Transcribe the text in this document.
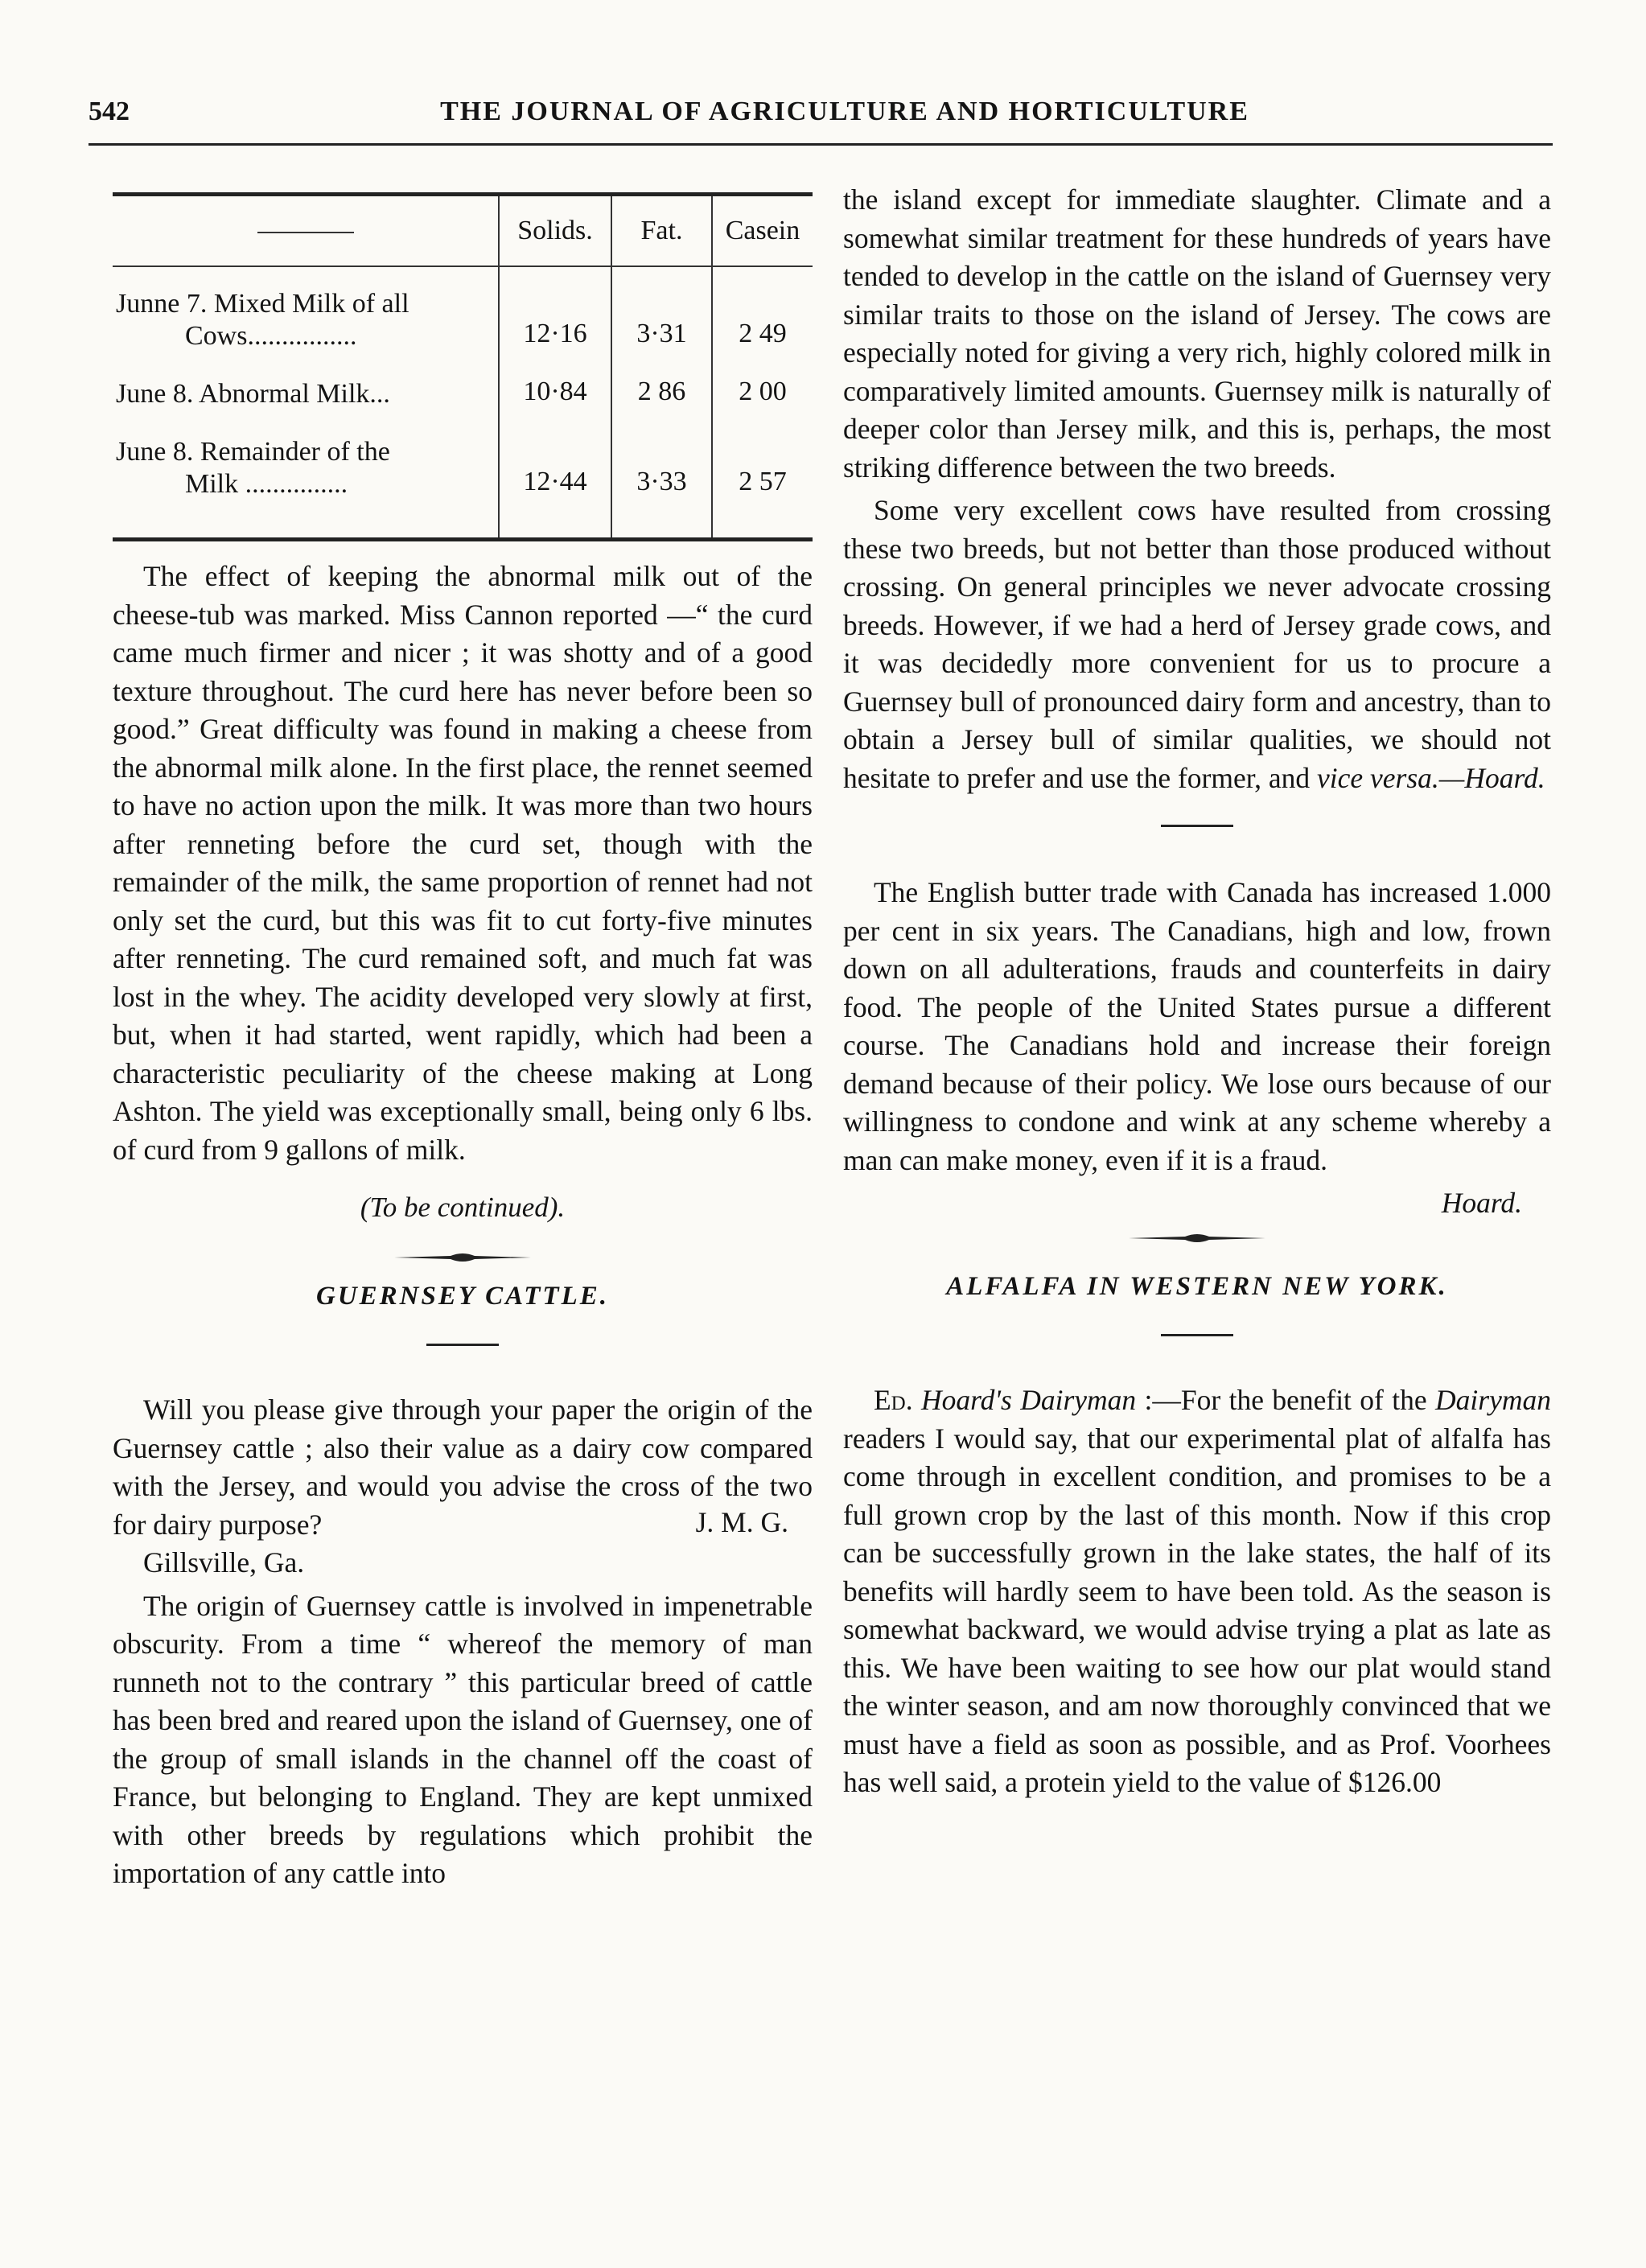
542	THE JOURNAL OF AGRICULTURE AND HORTICULTURE
	Solids.	Fat.	Casein

Junne 7. Mixed Milk of all
Cows................	12·16	3·31	2 49

June 8. Abnormal Milk...	10·84	2 86	2 00

June 8. Remainder of the
Milk ...............	12·44	3·33	2 57

The effect of keeping the abnormal milk out of the cheese-tub was marked. Miss Cannon reported —“ the curd came much firmer and nicer ; it was shotty and of a good texture throughout. The curd here has never before been so good.” Great difficulty was found in making a cheese from the abnormal milk alone. In the first place, the rennet seemed to have no action upon the milk. It was more than two hours after renneting before the curd set, though with the remainder of the milk, the same proportion of rennet had not only set the curd, but this was fit to cut forty-five minutes after renneting. The curd remained soft, and much fat was lost in the whey. The acidity developed very slowly at first, but, when it had started, went rapidly, which had been a characteristic peculiarity of the cheese making at Long Ashton. The yield was exceptionally small, being only 6 lbs. of curd from 9 gallons of milk.

(To be continued).

GUERNSEY CATTLE.

Will you please give through your paper the origin of the Guernsey cattle ; also their value as a dairy cow compared with the Jersey, and would you advise the cross of the two for dairy purpose?	J. M. G.

Gillsville, Ga.

The origin of Guernsey cattle is involved in impenetrable obscurity. From a time “ whereof the memory of man runneth not to the contrary ” this particular breed of cattle has been bred and reared upon the island of Guernsey, one of the group of small islands in the channel off the coast of France, but belonging to England. They are kept unmixed with other breeds by regulations which prohibit the importation of any cattle into

the island except for immediate slaughter. Climate and a somewhat similar treatment for these hundreds of years have tended to develop in the cattle on the island of Guernsey very similar traits to those on the island of Jersey. The cows are especially noted for giving a very rich, highly colored milk in comparatively limited amounts. Guernsey milk is naturally of deeper color than Jersey milk, and this is, perhaps, the most striking difference between the two breeds.

Some very excellent cows have resulted from crossing these two breeds, but not better than those produced without crossing. On general principles we never advocate crossing breeds. However, if we had a herd of Jersey grade cows, and it was decidedly more convenient for us to procure a Guernsey bull of pronounced dairy form and ancestry, than to obtain a Jersey bull of similar qualities, we should not hesitate to prefer and use the former, and vice versa.—Hoard.

The English butter trade with Canada has increased 1.000 per cent in six years. The Canadians, high and low, frown down on all adulterations, frauds and counterfeits in dairy food. The people of the United States pursue a different course. The Canadians hold and increase their foreign demand because of their policy. We lose ours because of our willingness to condone and wink at any scheme whereby a man can make money, even if it is a fraud.

Hoard.

ALFALFA IN WESTERN NEW YORK.

Ed. Hoard's Dairyman :—For the benefit of the Dairyman readers I would say, that our experimental plat of alfalfa has come through in excellent condition, and promises to be a full grown crop by the last of this month. Now if this crop can be successfully grown in the lake states, the half of its benefits will hardly seem to have been told. As the season is somewhat backward, we would advise trying a plat as late as this. We have been waiting to see how our plat would stand the winter season, and am now thoroughly convinced that we must have a field as soon as possible, and as Prof. Voorhees has well said, a protein yield to the value of $126.00
